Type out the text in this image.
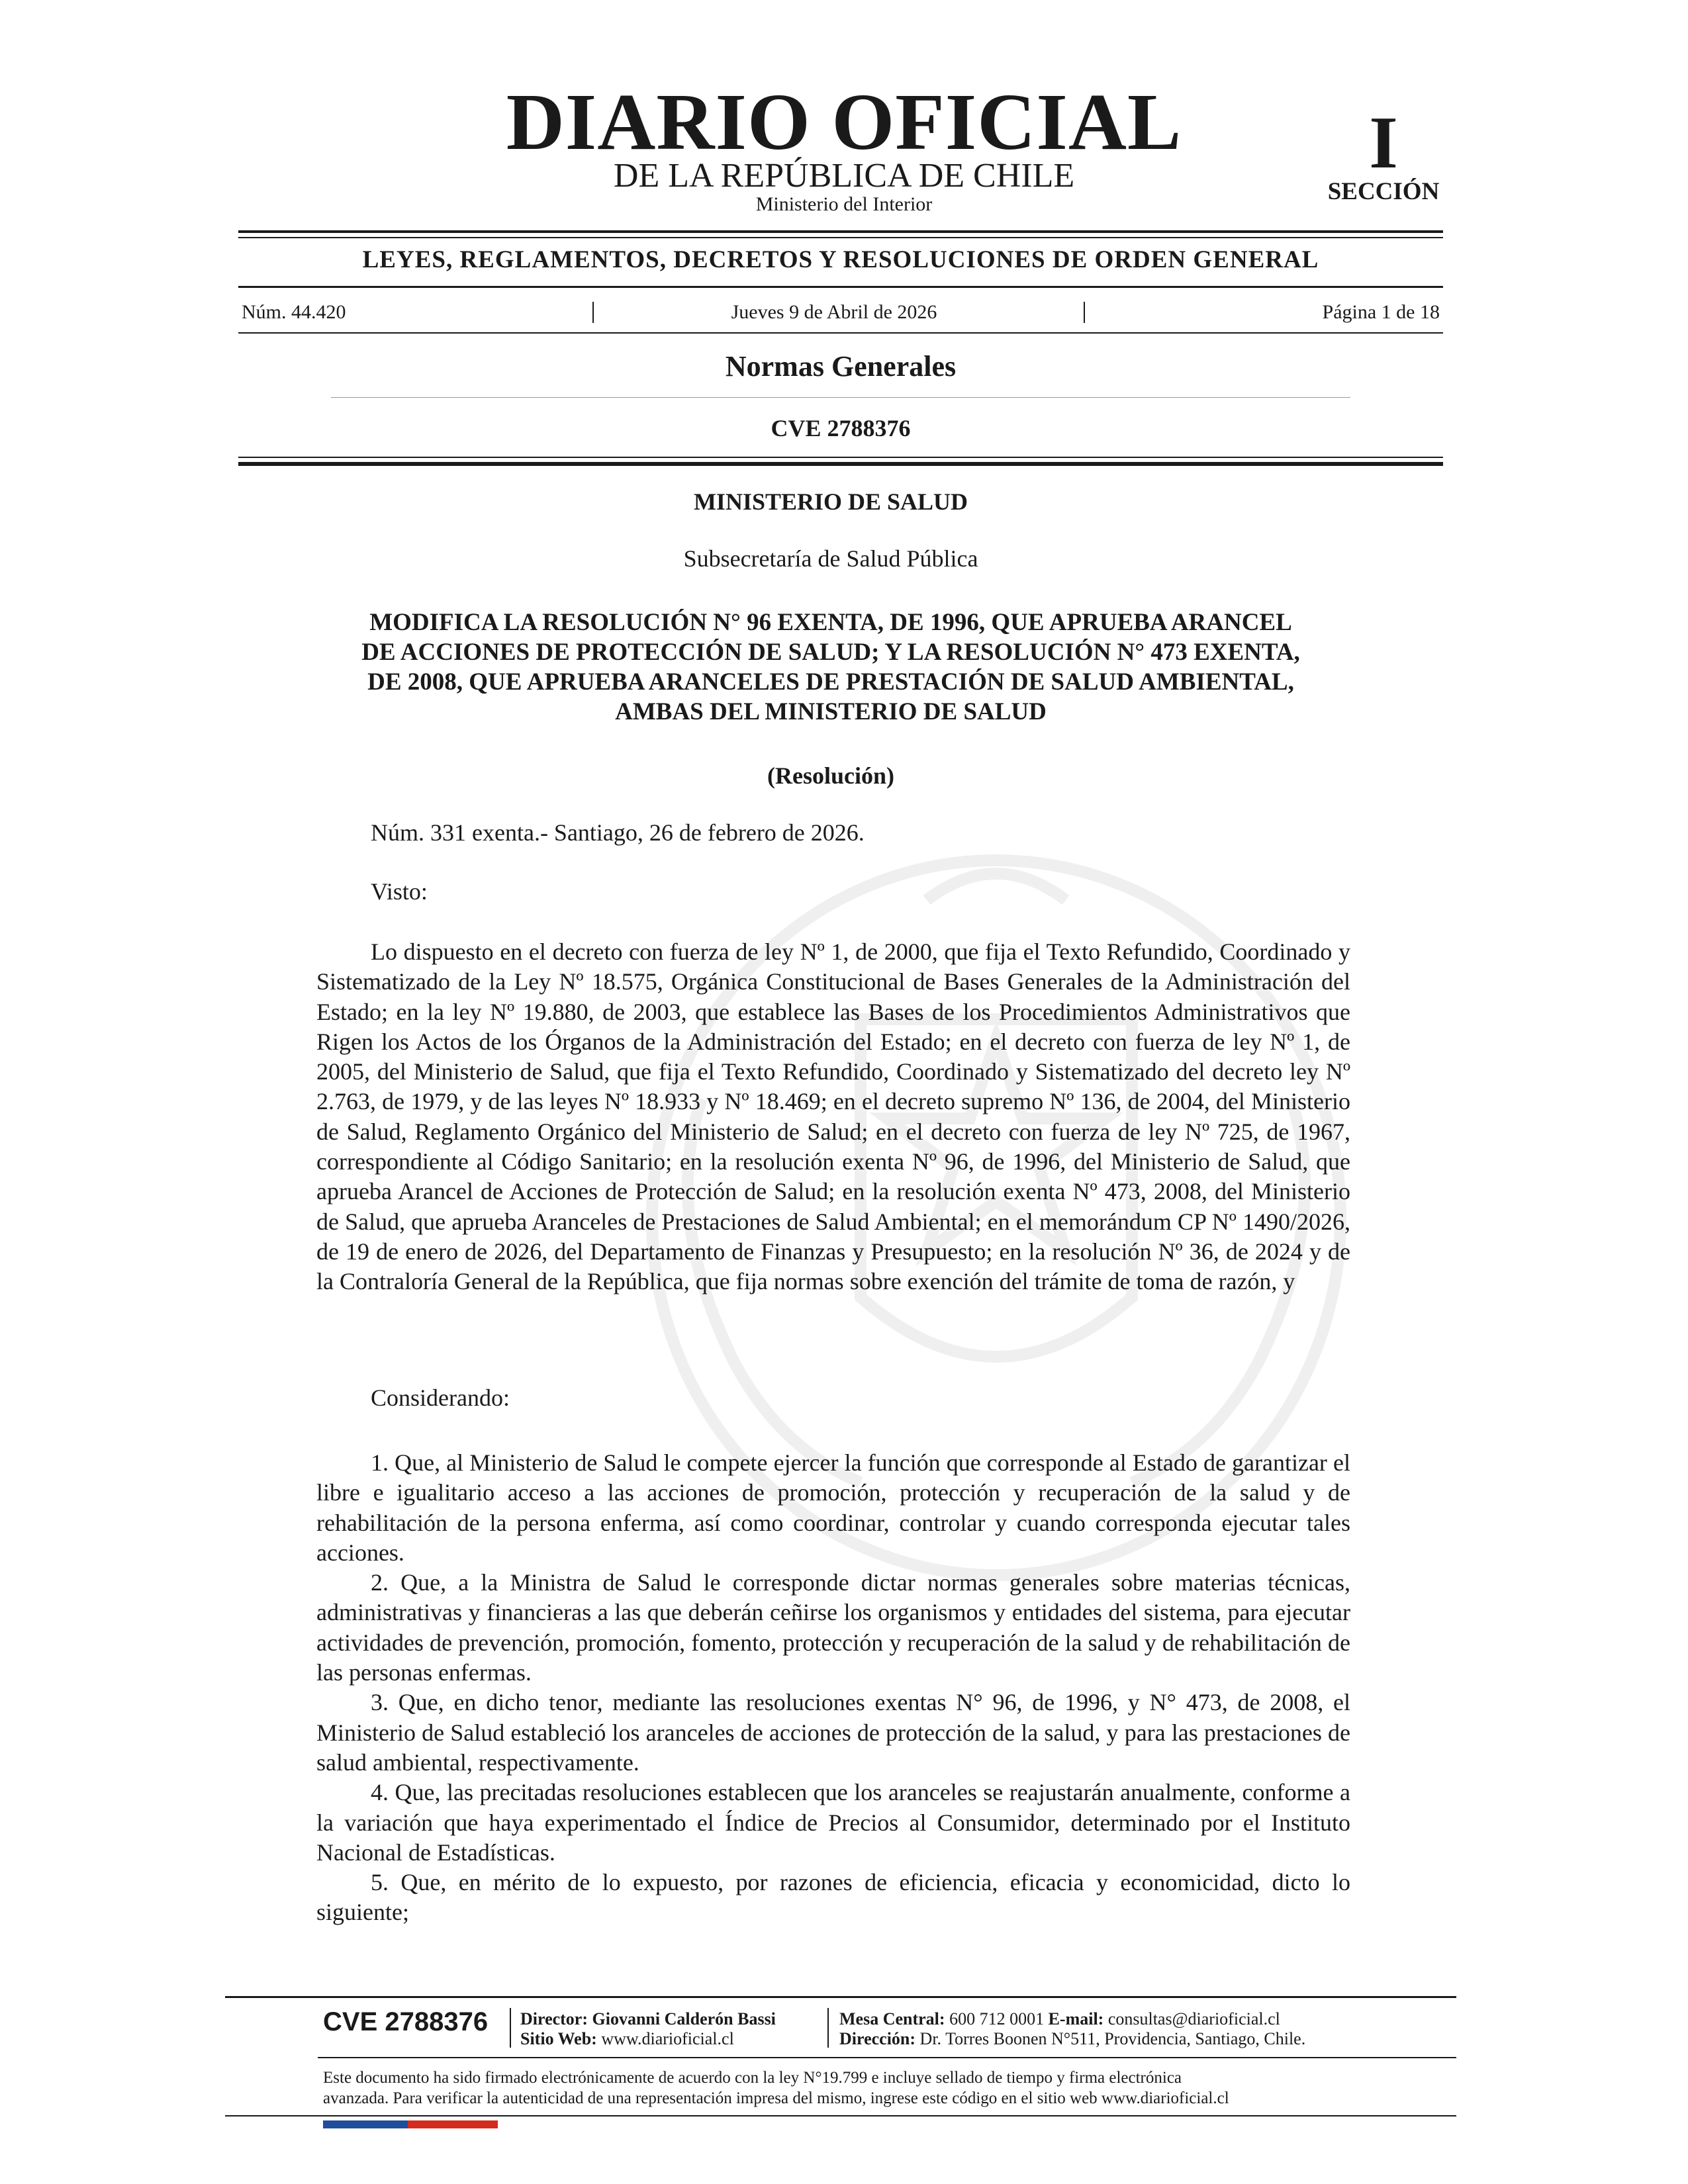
DIARIO OFICIAL
DE LA REPÚBLICA DE CHILE
Ministerio del Interior
I
SECCIÓN
LEYES, REGLAMENTOS, DECRETOS Y RESOLUCIONES DE ORDEN GENERAL
Núm. 44.420	Jueves 9 de Abril de 2026	Página 1 de 18
Normas Generales
CVE 2788376
MINISTERIO DE SALUD
Subsecretaría de Salud Pública
MODIFICA LA RESOLUCIÓN N° 96 EXENTA, DE 1996, QUE APRUEBA ARANCEL
DE ACCIONES DE PROTECCIÓN DE SALUD; Y LA RESOLUCIÓN N° 473 EXENTA,
DE 2008, QUE APRUEBA ARANCELES DE PRESTACIÓN DE SALUD AMBIENTAL,
AMBAS DEL MINISTERIO DE SALUD
(Resolución)
Núm. 331 exenta.- Santiago, 26 de febrero de 2026.
Visto:
Lo dispuesto en el decreto con fuerza de ley Nº 1, de 2000, que fija el Texto Refundido, Coordinado y Sistematizado de la Ley Nº 18.575, Orgánica Constitucional de Bases Generales de la Administración del Estado; en la ley Nº 19.880, de 2003, que establece las Bases de los Procedimientos Administrativos que Rigen los Actos de los Órganos de la Administración del Estado; en el decreto con fuerza de ley Nº 1, de 2005, del Ministerio de Salud, que fija el Texto Refundido, Coordinado y Sistematizado del decreto ley Nº 2.763, de 1979, y de las leyes Nº 18.933 y Nº 18.469; en el decreto supremo Nº 136, de 2004, del Ministerio de Salud, Reglamento Orgánico del Ministerio de Salud; en el decreto con fuerza de ley Nº 725, de 1967, correspondiente al Código Sanitario; en la resolución exenta Nº 96, de 1996, del Ministerio de Salud, que aprueba Arancel de Acciones de Protección de Salud; en la resolución exenta Nº 473, 2008, del Ministerio de Salud, que aprueba Aranceles de Prestaciones de Salud Ambiental; en el memorándum CP Nº 1490/2026, de 19 de enero de 2026, del Departamento de Finanzas y Presupuesto; en la resolución Nº 36, de 2024 y de la Contraloría General de la República, que fija normas sobre exención del trámite de toma de razón, y
Considerando:

1. Que, al Ministerio de Salud le compete ejercer la función que corresponde al Estado de garantizar el libre e igualitario acceso a las acciones de promoción, protección y recuperación de la salud y de rehabilitación de la persona enferma, así como coordinar, controlar y cuando corresponda ejecutar tales acciones.

2. Que, a la Ministra de Salud le corresponde dictar normas generales sobre materias técnicas, administrativas y financieras a las que deberán ceñirse los organismos y entidades del sistema, para ejecutar actividades de prevención, promoción, fomento, protección y recuperación de la salud y de rehabilitación de las personas enfermas.

3. Que, en dicho tenor, mediante las resoluciones exentas N° 96, de 1996, y N° 473, de 2008, el Ministerio de Salud estableció los aranceles de acciones de protección de la salud, y para las prestaciones de salud ambiental, respectivamente.

4. Que, las precitadas resoluciones establecen que los aranceles se reajustarán anualmente, conforme a la variación que haya experimentado el Índice de Precios al Consumidor, determinado por el Instituto Nacional de Estadísticas.

5. Que, en mérito de lo expuesto, por razones de eficiencia, eficacia y economicidad, dicto lo siguiente;

CVE 2788376 Director: Giovanni Calderón Bassi
Sitio Web: www.diarioficial.cl
Mesa Central: 600 712 0001 E-mail: consultas@diarioficial.cl
Dirección: Dr. Torres Boonen N°511, Providencia, Santiago, Chile.
Este documento ha sido firmado electrónicamente de acuerdo con la ley N°19.799 e incluye sellado de tiempo y firma electrónica
avanzada. Para verificar la autenticidad de una representación impresa del mismo, ingrese este código en el sitio web www.diarioficial.cl
